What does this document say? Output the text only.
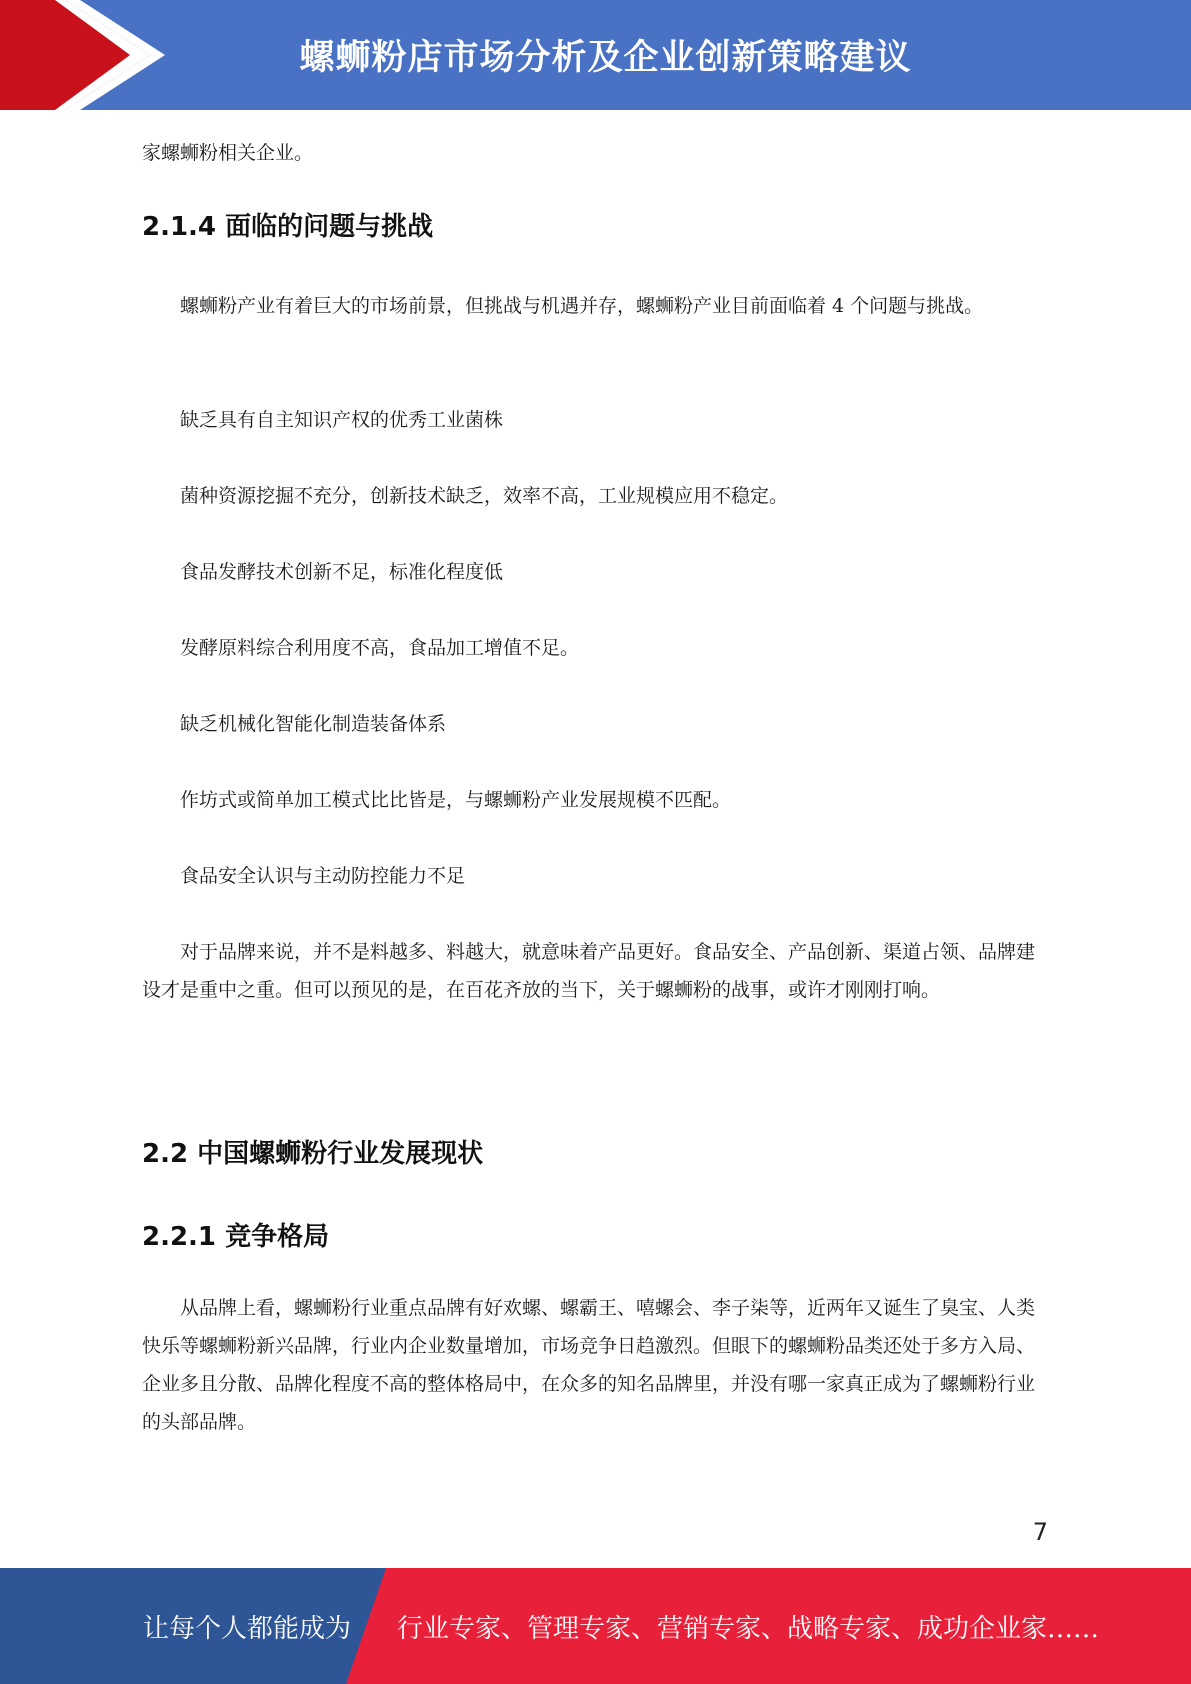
螺蛳粉店市场分析及企业创新策略建议

家螺蛳粉相关企业。

2.1.4 面临的问题与挑战

螺蛳粉产业有着巨大的市场前景，但挑战与机遇并存，螺蛳粉产业目前面临着 4 个问题与挑战。

缺乏具有自主知识产权的优秀工业菌株

菌种资源挖掘不充分，创新技术缺乏，效率不高，工业规模应用不稳定。

食品发酵技术创新不足，标准化程度低

发酵原料综合利用度不高，食品加工增值不足。

缺乏机械化智能化制造装备体系

作坊式或简单加工模式比比皆是，与螺蛳粉产业发展规模不匹配。

食品安全认识与主动防控能力不足

对于品牌来说，并不是料越多、料越大，就意味着产品更好。食品安全、产品创新、渠道占领、品牌建设才是重中之重。但可以预见的是，在百花齐放的当下，关于螺蛳粉的战事，或许才刚刚打响。

2.2 中国螺蛳粉行业发展现状
2.2.1 竞争格局

从品牌上看，螺蛳粉行业重点品牌有好欢螺、螺霸王、嘻螺会、李子柒等，近两年又诞生了臭宝、人类快乐等螺蛳粉新兴品牌，行业内企业数量增加，市场竞争日趋激烈。但眼下的螺蛳粉品类还处于多方入局、企业多且分散、品牌化程度不高的整体格局中，在众多的知名品牌里，并没有哪一家真正成为了螺蛳粉行业的头部品牌。

7
让每个人都能成为 行业专家、管理专家、营销专家、战略专家、成功企业家……
